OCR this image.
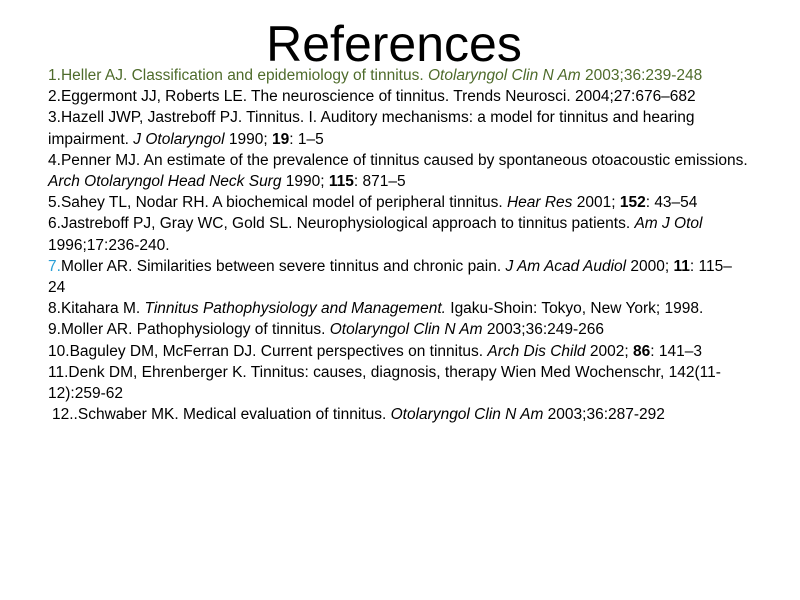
References
1.Heller AJ. Classification and epidemiology of tinnitus. Otolaryngol Clin N Am 2003;36:239-248
2.Eggermont JJ, Roberts LE. The neuroscience of tinnitus. Trends Neurosci. 2004;27:676–682
3.Hazell JWP, Jastreboff PJ. Tinnitus. I. Auditory mechanisms: a model for tinnitus and hearing impairment. J Otolaryngol 1990; 19: 1–5
4.Penner MJ. An estimate of the prevalence of tinnitus caused by spontaneous otoacoustic emissions. Arch Otolaryngol Head Neck Surg 1990; 115: 871–5
5.Sahey TL, Nodar RH. A biochemical model of peripheral tinnitus. Hear Res 2001; 152: 43–54
6.Jastreboff PJ, Gray WC, Gold SL. Neurophysiological approach to tinnitus patients. Am J Otol 1996;17:236-240.
7.Moller AR. Similarities between severe tinnitus and chronic pain. J Am Acad Audiol 2000; 11: 115–24
8.Kitahara M. Tinnitus Pathophysiology and Management. Igaku-Shoin: Tokyo, New York; 1998.
9.Moller AR. Pathophysiology of tinnitus. Otolaryngol Clin N Am 2003;36:249-266
10.Baguley DM, McFerran DJ. Current perspectives on tinnitus. Arch Dis Child 2002; 86: 141–3
11.Denk DM, Ehrenberger K. Tinnitus: causes, diagnosis, therapy Wien Med Wochenschr, 142(11-12):259-62
12..Schwaber MK. Medical evaluation of tinnitus. Otolaryngol Clin N Am 2003;36:287-292
